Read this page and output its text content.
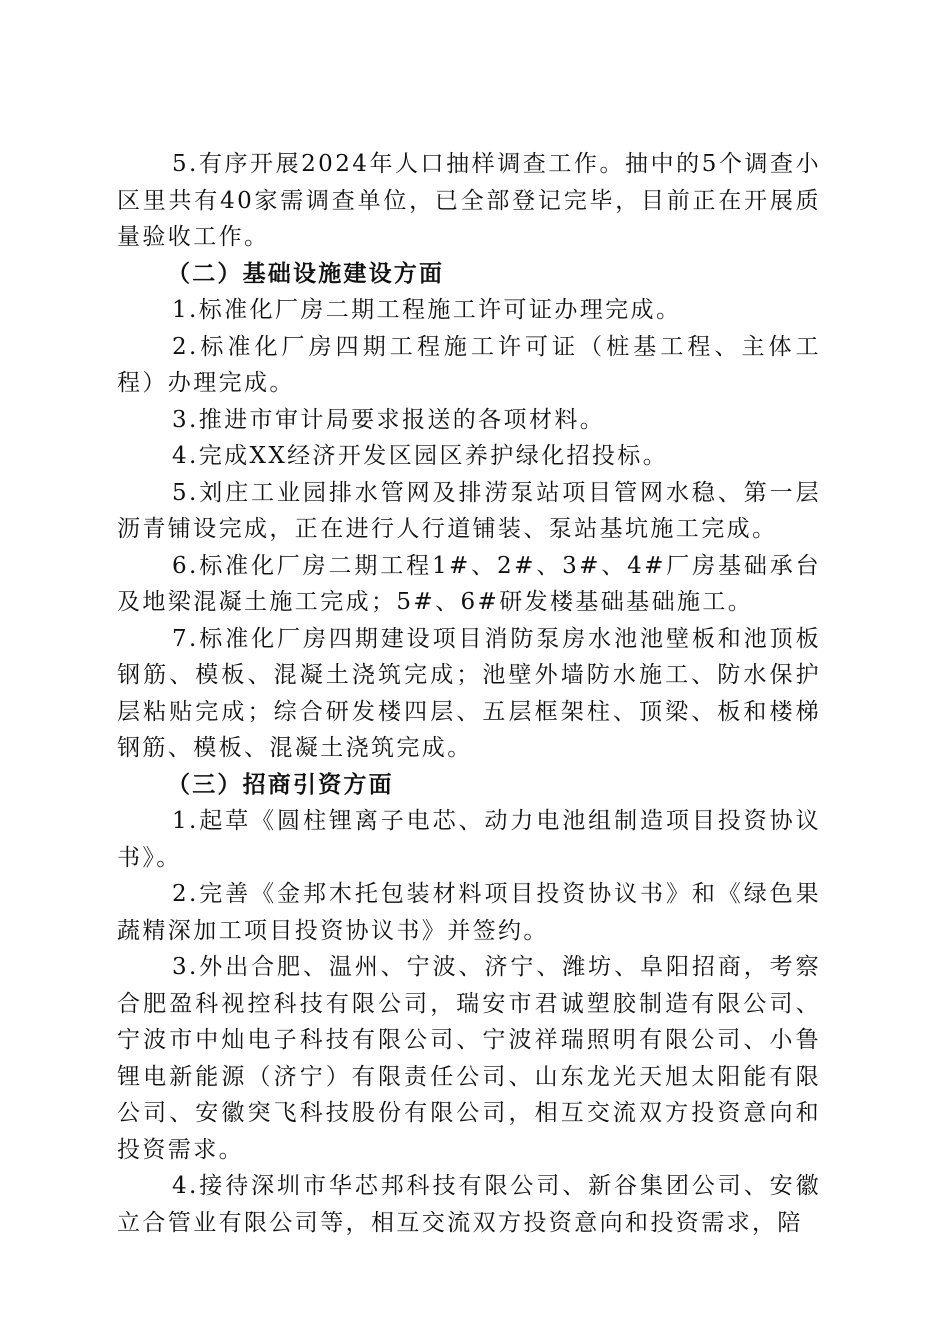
5.有序开展2024年人口抽样调查工作。抽中的5个调查小区里共有40家需调查单位，已全部登记完毕，目前正在开展质量验收工作。

（二）基础设施建设方面

1.标准化厂房二期工程施工许可证办理完成。

2.标准化厂房四期工程施工许可证（桩基工程、主体工程）办理完成。

3.推进市审计局要求报送的各项材料。

4.完成XX经济开发区园区养护绿化招投标。

5.刘庄工业园排水管网及排涝泵站项目管网水稳、第一层沥青铺设完成，正在进行人行道铺装、泵站基坑施工完成。

6.标准化厂房二期工程1#、2#、3#、4#厂房基础承台及地梁混凝土施工完成；5#、6#研发楼基础基础施工。

7.标准化厂房四期建设项目消防泵房水池池壁板和池顶板钢筋、模板、混凝土浇筑完成；池壁外墙防水施工、防水保护层粘贴完成；综合研发楼四层、五层框架柱、顶梁、板和楼梯钢筋、模板、混凝土浇筑完成。

（三）招商引资方面

1.起草《圆柱锂离子电芯、动力电池组制造项目投资协议书》。

2.完善《金邦木托包装材料项目投资协议书》和《绿色果蔬精深加工项目投资协议书》并签约。

3.外出合肥、温州、宁波、济宁、潍坊、阜阳招商，考察合肥盈科视控科技有限公司，瑞安市君诚塑胶制造有限公司、宁波市中灿电子科技有限公司、宁波祥瑞照明有限公司、小鲁锂电新能源（济宁）有限责任公司、山东龙光天旭太阳能有限公司、安徽突飞科技股份有限公司，相互交流双方投资意向和投资需求。

4.接待深圳市华芯邦科技有限公司、新谷集团公司、安徽立合管业有限公司等，相互交流双方投资意向和投资需求，陪
